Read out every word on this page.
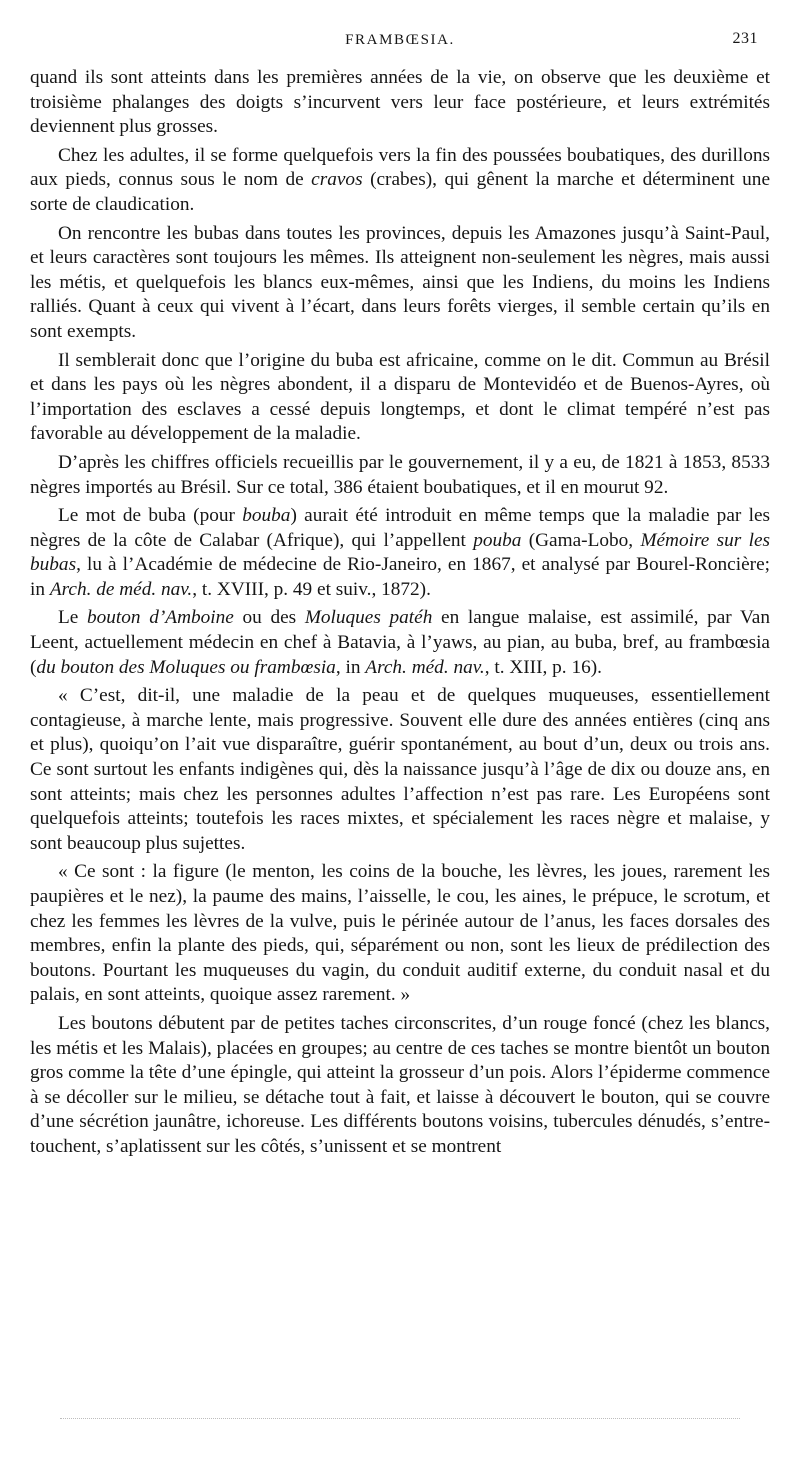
FRAMBŒSIA.	231

quand ils sont atteints dans les premières années de la vie, on observe que les deuxième et troisième phalanges des doigts s’incurvent vers leur face postérieure, et leurs extrémités deviennent plus grosses.

Chez les adultes, il se forme quelquefois vers la fin des poussées boubatiques, des durillons aux pieds, connus sous le nom de cravos (crabes), qui gênent la marche et déterminent une sorte de claudication.

On rencontre les bubas dans toutes les provinces, depuis les Amazones jusqu’à Saint-Paul, et leurs caractères sont toujours les mêmes. Ils atteignent non-seulement les nègres, mais aussi les métis, et quelquefois les blancs eux-mêmes, ainsi que les Indiens, du moins les Indiens ralliés. Quant à ceux qui vivent à l’écart, dans leurs forêts vierges, il semble certain qu’ils en sont exempts.

Il semblerait donc que l’origine du buba est africaine, comme on le dit. Commun au Brésil et dans les pays où les nègres abondent, il a disparu de Montevidéo et de Buenos-Ayres, où l’importation des esclaves a cessé depuis longtemps, et dont le climat tempéré n’est pas favorable au développement de la maladie.

D’après les chiffres officiels recueillis par le gouvernement, il y a eu, de 1821 à 1853, 8533 nègres importés au Brésil. Sur ce total, 386 étaient boubatiques, et il en mourut 92.

Le mot de buba (pour bouba) aurait été introduit en même temps que la maladie par les nègres de la côte de Calabar (Afrique), qui l’appellent pouba (Gama-Lobo, Mémoire sur les bubas, lu à l’Académie de médecine de Rio-Janeiro, en 1867, et analysé par Bourel-Roncière; in Arch. de méd. nav., t. XVIII, p. 49 et suiv., 1872).

Le bouton d’Amboine ou des Moluques patéh en langue malaise, est assimilé, par Van Leent, actuellement médecin en chef à Batavia, à l’yaws, au pian, au buba, bref, au frambœsia (du bouton des Moluques ou frambœsia, in Arch. méd. nav., t. XIII, p. 16).

« C’est, dit-il, une maladie de la peau et de quelques muqueuses, essentiellement contagieuse, à marche lente, mais progressive. Souvent elle dure des années entières (cinq ans et plus), quoiqu’on l’ait vue disparaître, guérir spontanément, au bout d’un, deux ou trois ans. Ce sont surtout les enfants indigènes qui, dès la naissance jusqu’à l’âge de dix ou douze ans, en sont atteints; mais chez les personnes adultes l’affection n’est pas rare. Les Européens sont quelquefois atteints; toutefois les races mixtes, et spécialement les races nègre et malaise, y sont beaucoup plus sujettes.

« Ce sont : la figure (le menton, les coins de la bouche, les lèvres, les joues, rarement les paupières et le nez), la paume des mains, l’aisselle, le cou, les aines, le prépuce, le scrotum, et chez les femmes les lèvres de la vulve, puis le périnée autour de l’anus, les faces dorsales des membres, enfin la plante des pieds, qui, séparément ou non, sont les lieux de prédilection des boutons. Pourtant les muqueuses du vagin, du conduit auditif externe, du conduit nasal et du palais, en sont atteints, quoique assez rarement. »

Les boutons débutent par de petites taches circonscrites, d’un rouge foncé (chez les blancs, les métis et les Malais), placées en groupes; au centre de ces taches se montre bientôt un bouton gros comme la tête d’une épingle, qui atteint la grosseur d’un pois. Alors l’épiderme commence à se décoller sur le milieu, se détache tout à fait, et laisse à découvert le bouton, qui se couvre d’une sécrétion jaunâtre, ichoreuse. Les différents boutons voisins, tubercules dénudés, s’entre-touchent, s’aplatissent sur les côtés, s’unissent et se montrent
